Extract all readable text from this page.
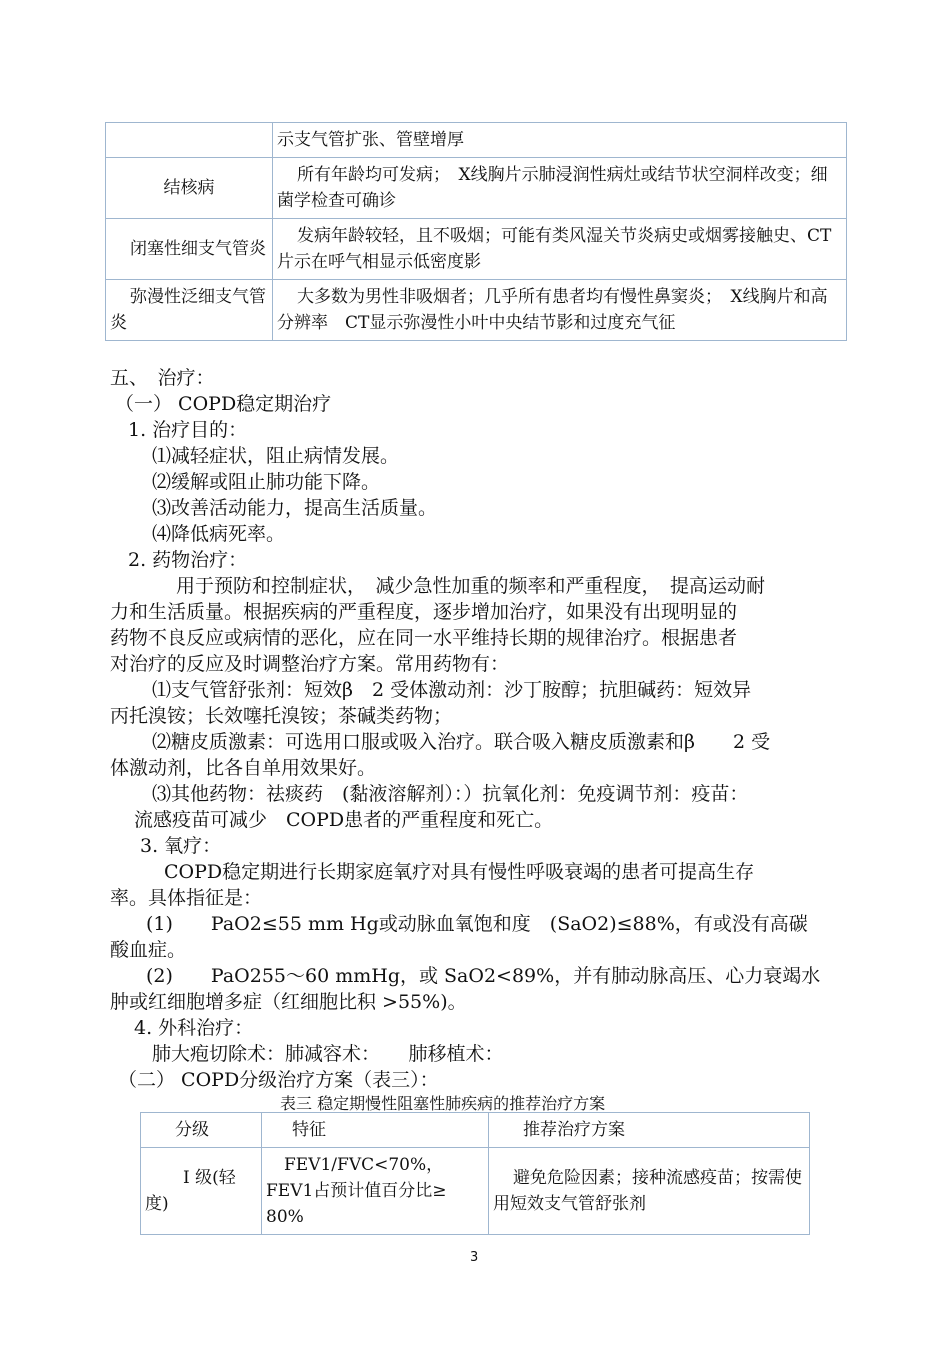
	示支气管扩张、管壁增厚
结核病	所有年龄均可发病；　X线胸片示肺浸润性病灶或结节状空洞样改变；细菌学检查可确诊
闭塞性细支气管炎	发病年龄较轻，且不吸烟；可能有类风湿关节炎病史或烟雾接触史、CT片示在呼气相显示低密度影
弥漫性泛细支气管炎	大多数为男性非吸烟者；几乎所有患者均有慢性鼻窦炎；　X线胸片和高分辨率　CT显示弥漫性小叶中央结节影和过度充气征
五、　治疗：
（一） COPD稳定期治疗
1. 治疗目的：
⑴减轻症状，阻止病情发展。
⑵缓解或阻止肺功能下降。
⑶改善活动能力，提高生活质量。
⑷降低病死率。
2. 药物治疗：
用于预防和控制症状，　减少急性加重的频率和严重程度，　提高运动耐
力和生活质量。根据疾病的严重程度，逐步增加治疗，如果没有出现明显的
药物不良反应或病情的恶化，应在同一水平维持长期的规律治疗。根据患者
对治疗的反应及时调整治疗方案。常用药物有：
⑴支气管舒张剂：短效β　2 受体激动剂：沙丁胺醇；抗胆碱药：短效异
丙托溴铵；长效噻托溴铵；茶碱类药物；
⑵糖皮质激素：可选用口服或吸入治疗。联合吸入糖皮质激素和β　　2 受
体激动剂，比各自单用效果好。
⑶其他药物：祛痰药　(黏液溶解剂）：）抗氧化剂：免疫调节剂：疫苗：
流感疫苗可减少　COPD患者的严重程度和死亡。
3. 氧疗：
COPD稳定期进行长期家庭氧疗对具有慢性呼吸衰竭的患者可提高生存
率。具体指征是：
(1)　　PaO2≤55 mm Hg或动脉血氧饱和度　(SaO2)≤88%，有或没有高碳
酸血症。
(2)　　PaO255～60 mmHg，或 SaO2<89%，并有肺动脉高压、心力衰竭水
肿或红细胞增多症（红细胞比积 >55%)。
4. 外科治疗：
肺大疱切除术：肺减容术：　　肺移植术：
（二） COPD分级治疗方案（表三）：
表三 稳定期慢性阻塞性肺疾病的推荐治疗方案
分级	特征	推荐治疗方案
Ⅰ 级(轻度)	FEV1/FVC<70%，FEV1占预计值百分比≥　80%	避免危险因素；接种流感疫苗；按需使用短效支气管舒张剂
3
